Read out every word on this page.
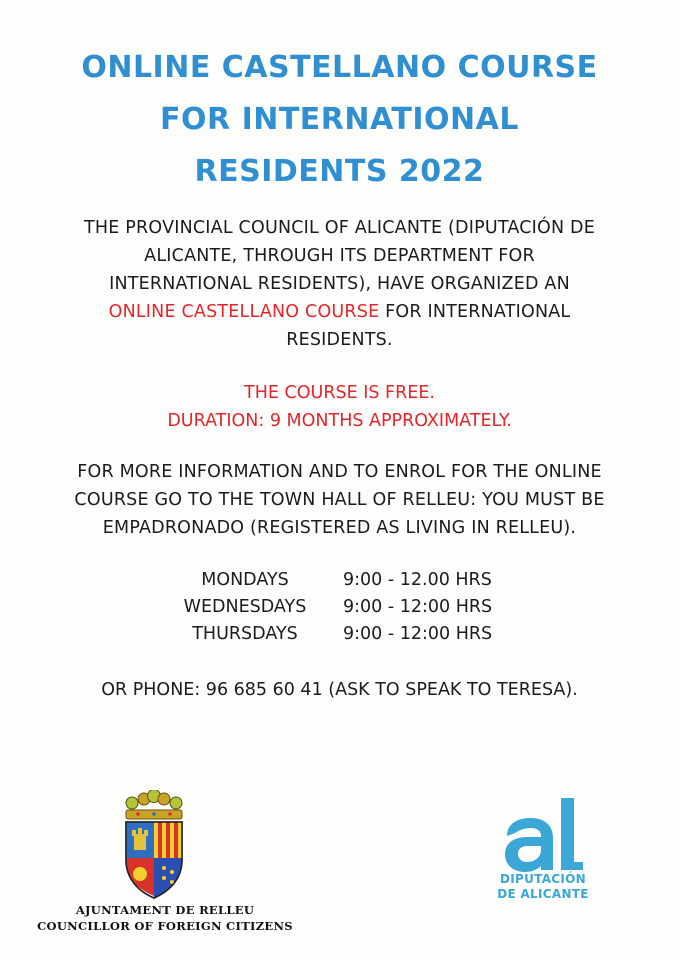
ONLINE CASTELLANO COURSE
FOR INTERNATIONAL
RESIDENTS 2022
THE PROVINCIAL COUNCIL OF ALICANTE (DIPUTACIÓN DE
ALICANTE, THROUGH ITS DEPARTMENT FOR
INTERNATIONAL RESIDENTS), HAVE ORGANIZED AN
ONLINE CASTELLANO COURSE FOR INTERNATIONAL
RESIDENTS.
THE COURSE IS FREE.
DURATION: 9 MONTHS APPROXIMATELY.
FOR MORE INFORMATION AND TO ENROL FOR THE ONLINE
COURSE GO TO THE TOWN HALL OF RELLEU: YOU MUST BE
EMPADRONADO (REGISTERED AS LIVING IN RELLEU).
MONDAYS	9:00 - 12.00 HRS
WEDNESDAYS	9:00 - 12:00 HRS
THURSDAYS	9:00 - 12:00 HRS
OR PHONE: 96 685 60 41 (ASK TO SPEAK TO TERESA).
AJUNTAMENT DE RELLEU
COUNCILLOR OF FOREIGN CITIZENS
DIPUTACIÓN
DE ALICANTE
